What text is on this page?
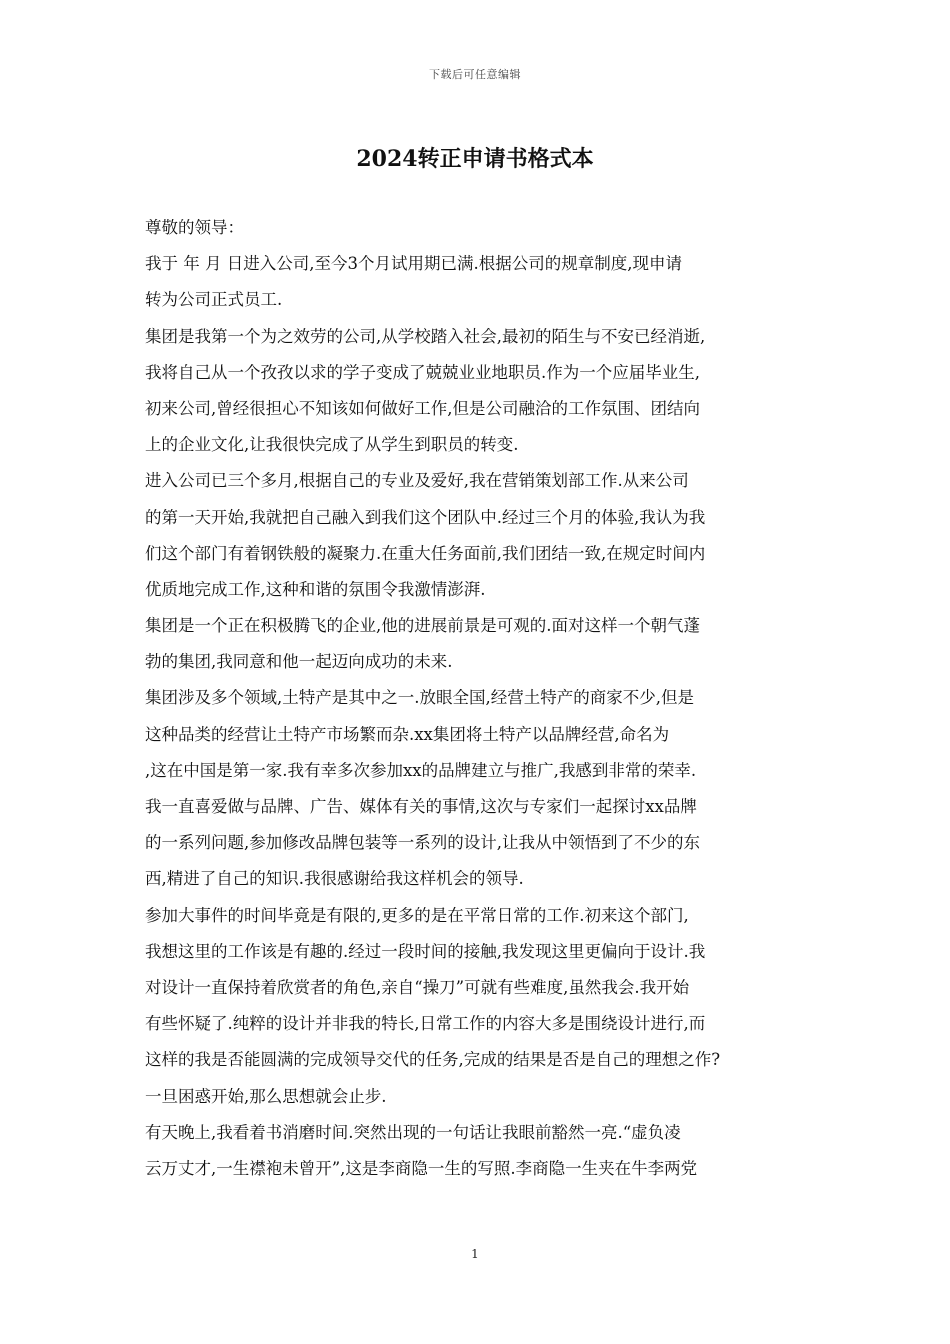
下载后可任意编辑
2024转正申请书格式本
尊敬的领导：
我于 年 月 日进入公司,至今3个月试用期已满.根据公司的规章制度,现申请
转为公司正式员工.
集团是我第一个为之效劳的公司,从学校踏入社会,最初的陌生与不安已经消逝,
我将自己从一个孜孜以求的学子变成了兢兢业业地职员.作为一个应届毕业生,
初来公司,曾经很担心不知该如何做好工作,但是公司融洽的工作氛围、团结向
上的企业文化,让我很快完成了从学生到职员的转变.
进入公司已三个多月,根据自己的专业及爱好,我在营销策划部工作.从来公司
的第一天开始,我就把自己融入到我们这个团队中.经过三个月的体验,我认为我
们这个部门有着钢铁般的凝聚力.在重大任务面前,我们团结一致,在规定时间内
优质地完成工作,这种和谐的氛围令我激情澎湃.
集团是一个正在积极腾飞的企业,他的进展前景是可观的.面对这样一个朝气蓬
勃的集团,我同意和他一起迈向成功的未来.
集团涉及多个领域,土特产是其中之一.放眼全国,经营土特产的商家不少,但是
这种品类的经营让土特产市场繁而杂.xx集团将土特产以品牌经营,命名为
,这在中国是第一家.我有幸多次参加xx的品牌建立与推广,我感到非常的荣幸.
我一直喜爱做与品牌、广告、媒体有关的事情,这次与专家们一起探讨xx品牌
的一系列问题,参加修改品牌包装等一系列的设计,让我从中领悟到了不少的东
西,精进了自己的知识.我很感谢给我这样机会的领导.
参加大事件的时间毕竟是有限的,更多的是在平常日常的工作.初来这个部门,
我想这里的工作该是有趣的.经过一段时间的接触,我发现这里更偏向于设计.我
对设计一直保持着欣赏者的角色,亲自“操刀”可就有些难度,虽然我会.我开始
有些怀疑了.纯粹的设计并非我的特长,日常工作的内容大多是围绕设计进行,而
这样的我是否能圆满的完成领导交代的任务,完成的结果是否是自己的理想之作?
一旦困惑开始,那么思想就会止步.
有天晚上,我看着书消磨时间.突然出现的一句话让我眼前豁然一亮.“虚负凌
云万丈才,一生襟袍未曾开”,这是李商隐一生的写照.李商隐一生夹在牛李两党
1
